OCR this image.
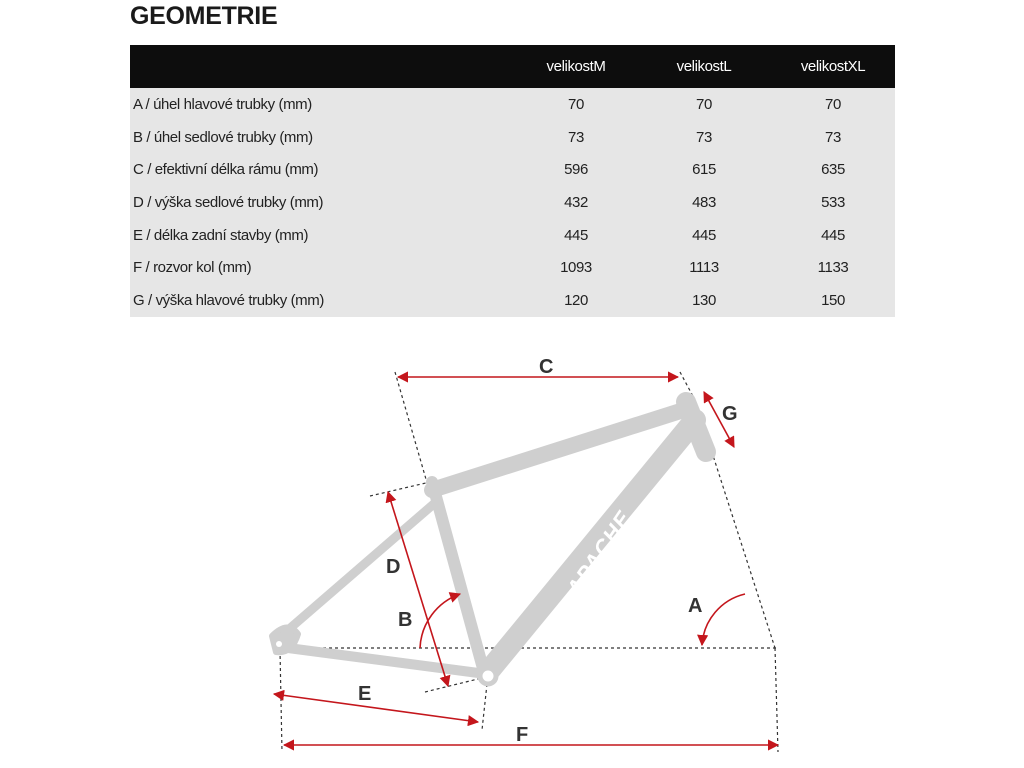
GEOMETRIE
	velikostM	velikostL	velikostXL
A / úhel hlavové trubky (mm)	70	70	70
B / úhel sedlové trubky (mm)	73	73	73
C / efektivní délka rámu (mm)	596	615	635
D / výška sedlové trubky (mm)	432	483	533
E / délka zadní stavby (mm)	445	445	445
F / rozvor kol (mm)	1093	1113	1133
G / výška hlavové trubky (mm)	120	130	150
APACHE
C
G
D
B
A
E
F
